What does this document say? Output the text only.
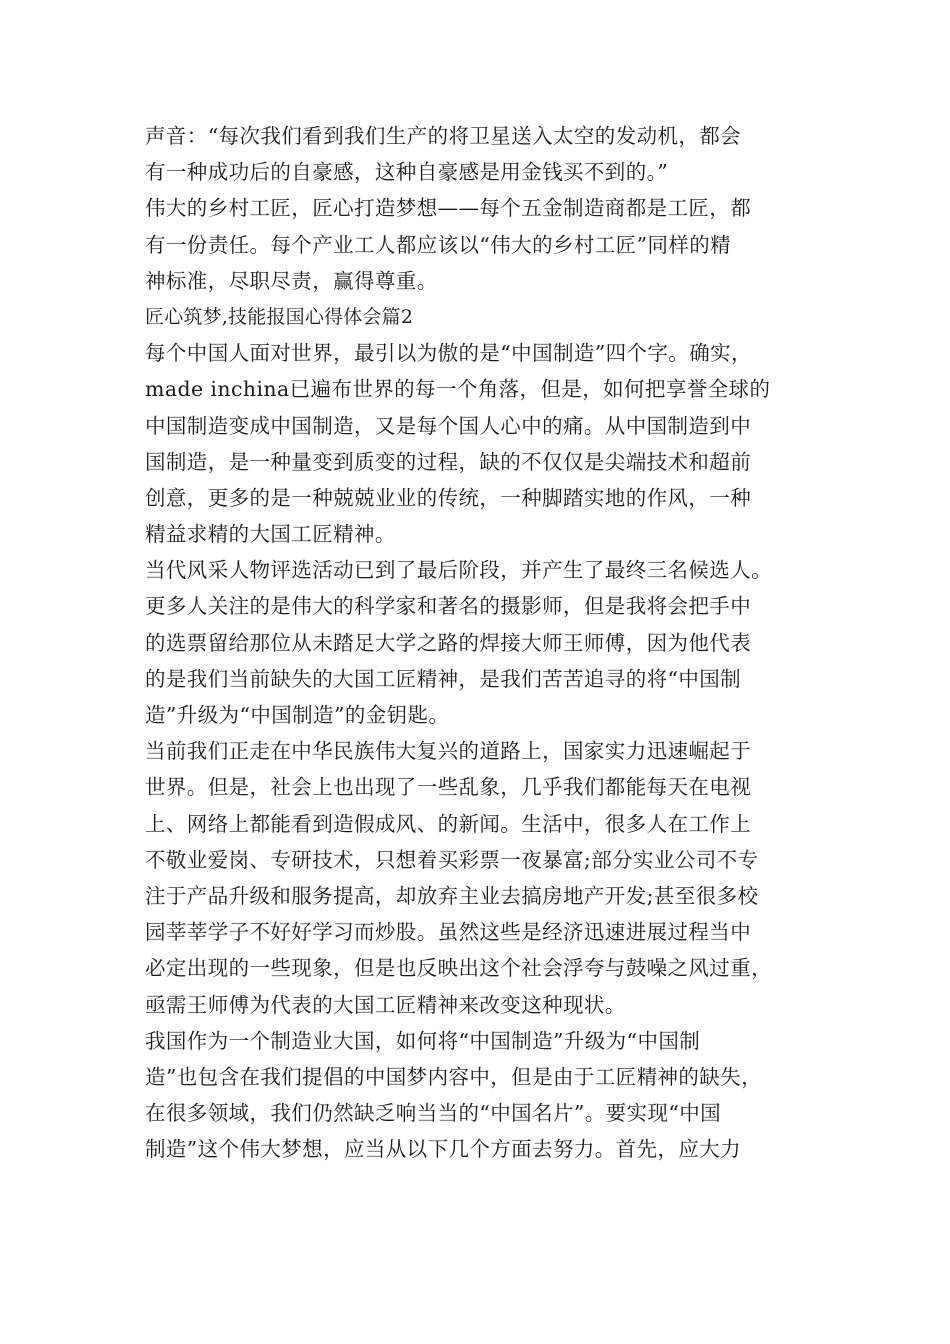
声音：“每次我们看到我们生产的将卫星送入太空的发动机，都会
有一种成功后的自豪感，这种自豪感是用金钱买不到的。”
伟大的乡村工匠，匠心打造梦想——每个五金制造商都是工匠，都
有一份责任。每个产业工人都应该以“伟大的乡村工匠”同样的精
神标准，尽职尽责，赢得尊重。
匠心筑梦,技能报国心得体会篇2
每个中国人面对世界，最引以为傲的是“中国制造”四个字。确实，
made inchina已遍布世界的每一个角落，但是，如何把享誉全球的
中国制造变成中国制造，又是每个国人心中的痛。从中国制造到中
国制造，是一种量变到质变的过程，缺的不仅仅是尖端技术和超前
创意，更多的是一种兢兢业业的传统，一种脚踏实地的作风，一种
精益求精的大国工匠精神。
当代风采人物评选活动已到了最后阶段，并产生了最终三名候选人。
更多人关注的是伟大的科学家和著名的摄影师，但是我将会把手中
的选票留给那位从未踏足大学之路的焊接大师王师傅，因为他代表
的是我们当前缺失的大国工匠精神，是我们苦苦追寻的将“中国制
造”升级为“中国制造”的金钥匙。
当前我们正走在中华民族伟大复兴的道路上，国家实力迅速崛起于
世界。但是，社会上也出现了一些乱象，几乎我们都能每天在电视
上、网络上都能看到造假成风、的新闻。生活中，很多人在工作上
不敬业爱岗、专研技术，只想着买彩票一夜暴富;部分实业公司不专
注于产品升级和服务提高，却放弃主业去搞房地产开发;甚至很多校
园莘莘学子不好好学习而炒股。虽然这些是经济迅速进展过程当中
必定出现的一些现象，但是也反映出这个社会浮夸与鼓噪之风过重，
亟需王师傅为代表的大国工匠精神来改变这种现状。
我国作为一个制造业大国，如何将“中国制造”升级为“中国制
造”也包含在我们提倡的中国梦内容中，但是由于工匠精神的缺失，
在很多领域，我们仍然缺乏响当当的“中国名片”。要实现“中国
制造”这个伟大梦想，应当从以下几个方面去努力。首先，应大力
